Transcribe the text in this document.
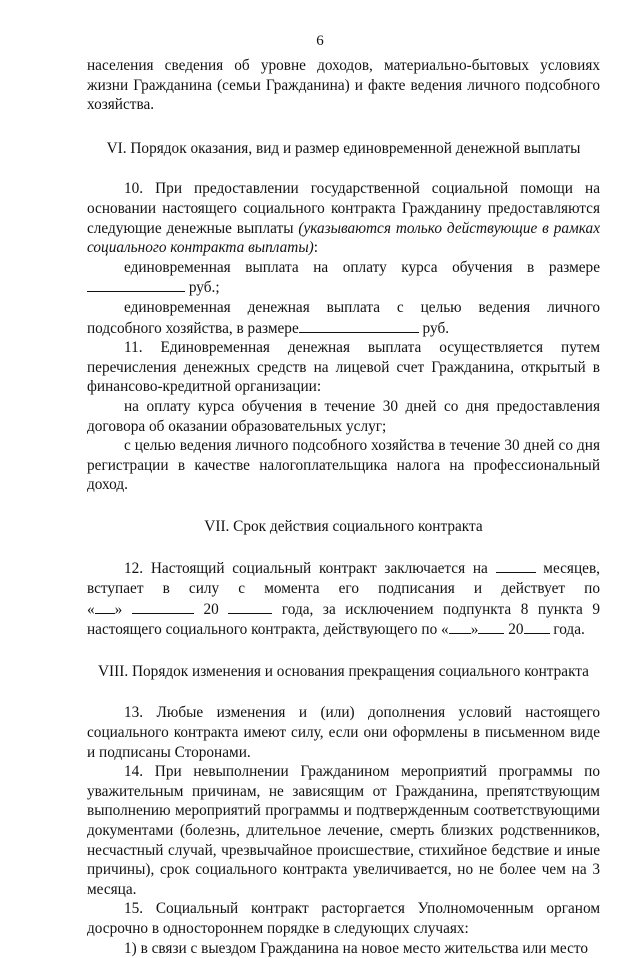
6

населения сведения об уровне доходов, материально-бытовых условиях жизни Гражданина (семьи Гражданина) и факте ведения личного подсобного хозяйства.

VI. Порядок оказания, вид и размер единовременной денежной выплаты

10. При предоставлении государственной социальной помощи на основании настоящего социального контракта Гражданину предоставляются следующие денежные выплаты (указываются только действующие в рамках социального контракта выплаты):

единовременная выплата на оплату курса обучения в размере

руб.;

единовременная денежная выплата с целью ведения личного подсобного хозяйства, в размере	руб.

11. Единовременная денежная выплата осуществляется путем перечисления денежных средств на лицевой счет Гражданина, открытый в финансово-кредитной организации:

на оплату курса обучения в течение 30 дней со дня предоставления договора об оказании образовательных услуг;

с целью ведения личного подсобного хозяйства в течение 30 дней со дня регистрации в качестве налогоплательщика налога на профессиональный доход.

VII. Срок действия социального контракта

12. Настоящий социальный контракт заключается на	месяцев,

вступает в силу с момента его подписания и действует по

« »	20	года, за исключением подпункта 8 пункта 9

настоящего социального контракта, действующего по « » 20 года.

VIII. Порядок изменения и основания прекращения социального контракта

13. Любые изменения и (или) дополнения условий настоящего социального контракта имеют силу, если они оформлены в письменном виде и подписаны Сторонами.

14. При невыполнении Гражданином мероприятий программы по уважительным причинам, не зависящим от Гражданина, препятствующим выполнению мероприятий программы и подтвержденным соответствующими документами (болезнь, длительное лечение, смерть близких родственников, несчастный случай, чрезвычайное происшествие, стихийное бедствие и иные причины), срок социального контракта увеличивается, но не более чем на 3 месяца.

15. Социальный контракт расторгается Уполномоченным органом досрочно в одностороннем порядке в следующих случаях:

1) в связи с выездом Гражданина на новое место жительства или место
